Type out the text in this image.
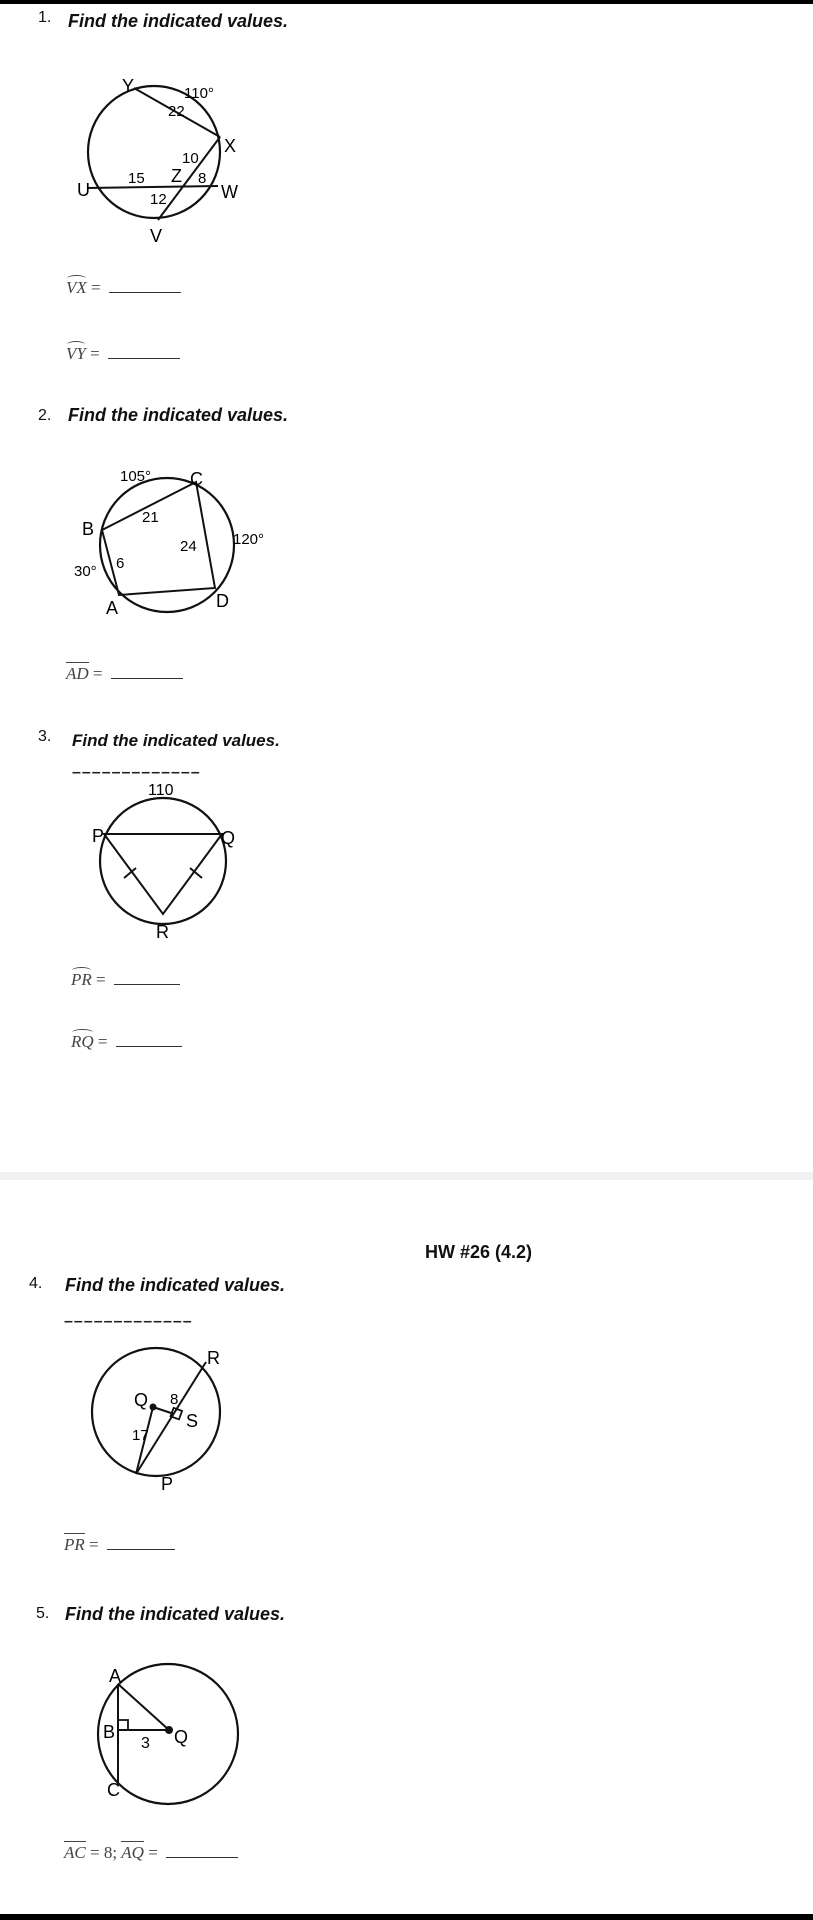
1. Find the indicated values.
Y
X
W
U
V
Z
110°
22
10
15	8
12
VX =
VY =
2. Find the indicated values.
105° C
21
24 120°
B
30° 6
A	D
AD =
3. Find the indicated values.
–––––––––––––
110
P	Q
R
PR =
RQ =
HW #26 (4.2)
4. Find the indicated values.
–––––––––––––
R
Q 8
S
17
P
PR =
5. Find the indicated values.
A
B
3 Q
C
AC = 8; AQ =
